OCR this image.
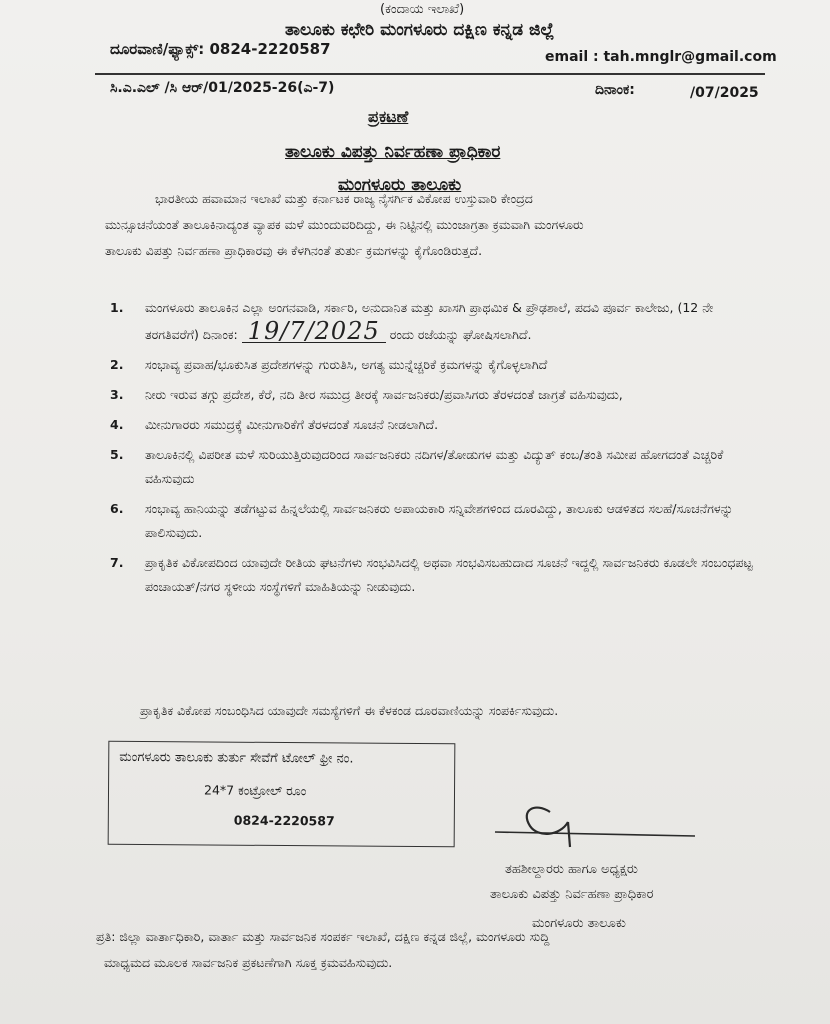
(ಕಂದಾಯ ಇಲಾಖೆ)
ತಾಲೂಕು ಕಛೇರಿ ಮಂಗಳೂರು ದಕ್ಷಿಣ ಕನ್ನಡ ಜಿಲ್ಲೆ
ದೂರವಾಣಿ/ಫ್ಯಾಕ್ಸ್: 0824-2220587	email : tah.mnglr@gmail.com
ಸಿ.ಎ.ಎಲ್ /ಸಿ ಆರ್/01/2025-26(ಎ-7)	ದಿನಾಂಕ:	/07/2025
ಪ್ರಕಟಣೆ
ತಾಲೂಕು ವಿಪತ್ತು ನಿರ್ವಹಣಾ ಪ್ರಾಧಿಕಾರ
ಮಂಗಳೂರು ತಾಲೂಕು
ಭಾರತೀಯ ಹವಾಮಾನ ಇಲಾಖೆ ಮತ್ತು ಕರ್ನಾಟಕ ರಾಜ್ಯ ನೈಸರ್ಗಿಕ ವಿಕೋಪ ಉಸ್ತುವಾರಿ ಕೇಂದ್ರದ
ಮುನ್ಸೂಚನೆಯಂತೆ ತಾಲೂಕಿನಾದ್ಯಂತ ವ್ಯಾಪಕ ಮಳೆ ಮುಂದುವರಿದಿದ್ದು, ಈ ನಿಟ್ಟಿನಲ್ಲಿ ಮುಂಜಾಗ್ರತಾ ಕ್ರಮವಾಗಿ ಮಂಗಳೂರು
ತಾಲೂಕು ವಿಪತ್ತು ನಿರ್ವಹಣಾ ಪ್ರಾಧಿಕಾರವು ಈ ಕೆಳಗಿನಂತೆ ತುರ್ತು ಕ್ರಮಗಳನ್ನು ಕೈಗೊಂಡಿರುತ್ತದೆ.
1.	ಮಂಗಳೂರು ತಾಲೂಕಿನ ಎಲ್ಲಾ ಅಂಗನವಾಡಿ, ಸರ್ಕಾರಿ, ಅನುದಾನಿತ ಮತ್ತು ಖಾಸಗಿ ಪ್ರಾಥಮಿಕ & ಪ್ರೌಢಶಾಲೆ, ಪದವಿ ಪೂರ್ವ ಕಾಲೇಜು, (12 ನೇ ತರಗತಿವರೆಗೆ) ದಿನಾಂಕ: 19/7/2025 ರಂದು ರಜೆಯನ್ನು ಘೋಷಿಸಲಾಗಿದೆ.
2.	ಸಂಭಾವ್ಯ ಪ್ರವಾಹ/ಭೂಕುಸಿತ ಪ್ರದೇಶಗಳನ್ನು ಗುರುತಿಸಿ, ಅಗತ್ಯ ಮುನ್ನೆಚ್ಚರಿಕೆ ಕ್ರಮಗಳನ್ನು ಕೈಗೊಳ್ಳಲಾಗಿದೆ
3.	ನೀರು ಇರುವ ತಗ್ಗು ಪ್ರದೇಶ, ಕೆರೆ, ನದಿ ತೀರ ಸಮುದ್ರ ತೀರಕ್ಕೆ ಸಾರ್ವಜನಿಕರು/ಪ್ರವಾಸಿಗರು ತೆರಳದಂತೆ ಜಾಗ್ರತೆ ವಹಿಸುವುದು,
4.	ಮೀನುಗಾರರು ಸಮುದ್ರಕ್ಕೆ ಮೀನುಗಾರಿಕೆಗೆ ತೆರಳದಂತೆ ಸೂಚನೆ ನೀಡಲಾಗಿದೆ.
5.	ತಾಲೂಕಿನಲ್ಲಿ ವಿಪರೀತ ಮಳೆ ಸುರಿಯುತ್ತಿರುವುದರಿಂದ ಸಾರ್ವಜನಿಕರು ನದಿಗಳ/ತೋಡುಗಳ ಮತ್ತು ವಿದ್ಯುತ್ ಕಂಬ/ತಂತಿ ಸಮೀಪ ಹೋಗದಂತೆ ಎಚ್ಚರಿಕೆ ವಹಿಸುವುದು
6.	ಸಂಭಾವ್ಯ ಹಾನಿಯನ್ನು ತಡೆಗಟ್ಟುವ ಹಿನ್ನಲೆಯಲ್ಲಿ ಸಾರ್ವಜನಿಕರು ಅಪಾಯಕಾರಿ ಸನ್ನಿವೇಶಗಳಿಂದ ದೂರವಿದ್ದು, ತಾಲೂಕು ಆಡಳಿತದ ಸಲಹೆ/ಸೂಚನೆಗಳನ್ನು ಪಾಲಿಸುವುದು.
7.	ಪ್ರಾಕೃತಿಕ ವಿಕೋಪದಿಂದ ಯಾವುದೇ ರೀತಿಯ ಘಟನೆಗಳು ಸಂಭವಿಸಿದಲ್ಲಿ ಅಥವಾ ಸಂಭವಿಸಬಹುದಾದ ಸೂಚನೆ ಇದ್ದಲ್ಲಿ ಸಾರ್ವಜನಿಕರು ಕೂಡಲೇ ಸಂಬಂಧಪಟ್ಟ ಪಂಚಾಯತ್/ನಗರ ಸ್ಥಳೀಯ ಸಂಸ್ಥೆಗಳಿಗೆ ಮಾಹಿತಿಯನ್ನು ನೀಡುವುದು.
ಪ್ರಾಕೃತಿಕ ವಿಕೋಪ ಸಂಬಂಧಿಸಿದ ಯಾವುದೇ ಸಮಸ್ಯೆಗಳಿಗೆ ಈ ಕೆಳಕಂಡ ದೂರವಾಣಿಯನ್ನು ಸಂಪರ್ಕಿಸುವುದು.
ಮಂಗಳೂರು ತಾಲೂಕು ತುರ್ತು ಸೇವೆಗೆ ಟೋಲ್ ಫ್ರೀ ನಂ.
24*7 ಕಂಟ್ರೋಲ್ ರೂಂ
0824-2220587
ತಹಶೀಲ್ದಾರರು ಹಾಗೂ ಅಧ್ಯಕ್ಷರು
ತಾಲೂಕು ವಿಪತ್ತು ನಿರ್ವಹಣಾ ಪ್ರಾಧಿಕಾರ
ಮಂಗಳೂರು ತಾಲೂಕು
ಪ್ರತಿ: ಜಿಲ್ಲಾ ವಾರ್ತಾಧಿಕಾರಿ, ವಾರ್ತಾ ಮತ್ತು ಸಾರ್ವಜನಿಕ ಸಂಪರ್ಕ ಇಲಾಖೆ, ದಕ್ಷಿಣ ಕನ್ನಡ ಜಿಲ್ಲೆ, ಮಂಗಳೂರು ಸುದ್ದಿ
ಮಾಧ್ಯಮದ ಮೂಲಕ ಸಾರ್ವಜನಿಕ ಪ್ರಕಟಣೆಗಾಗಿ ಸೂಕ್ತ ಕ್ರಮವಹಿಸುವುದು.
